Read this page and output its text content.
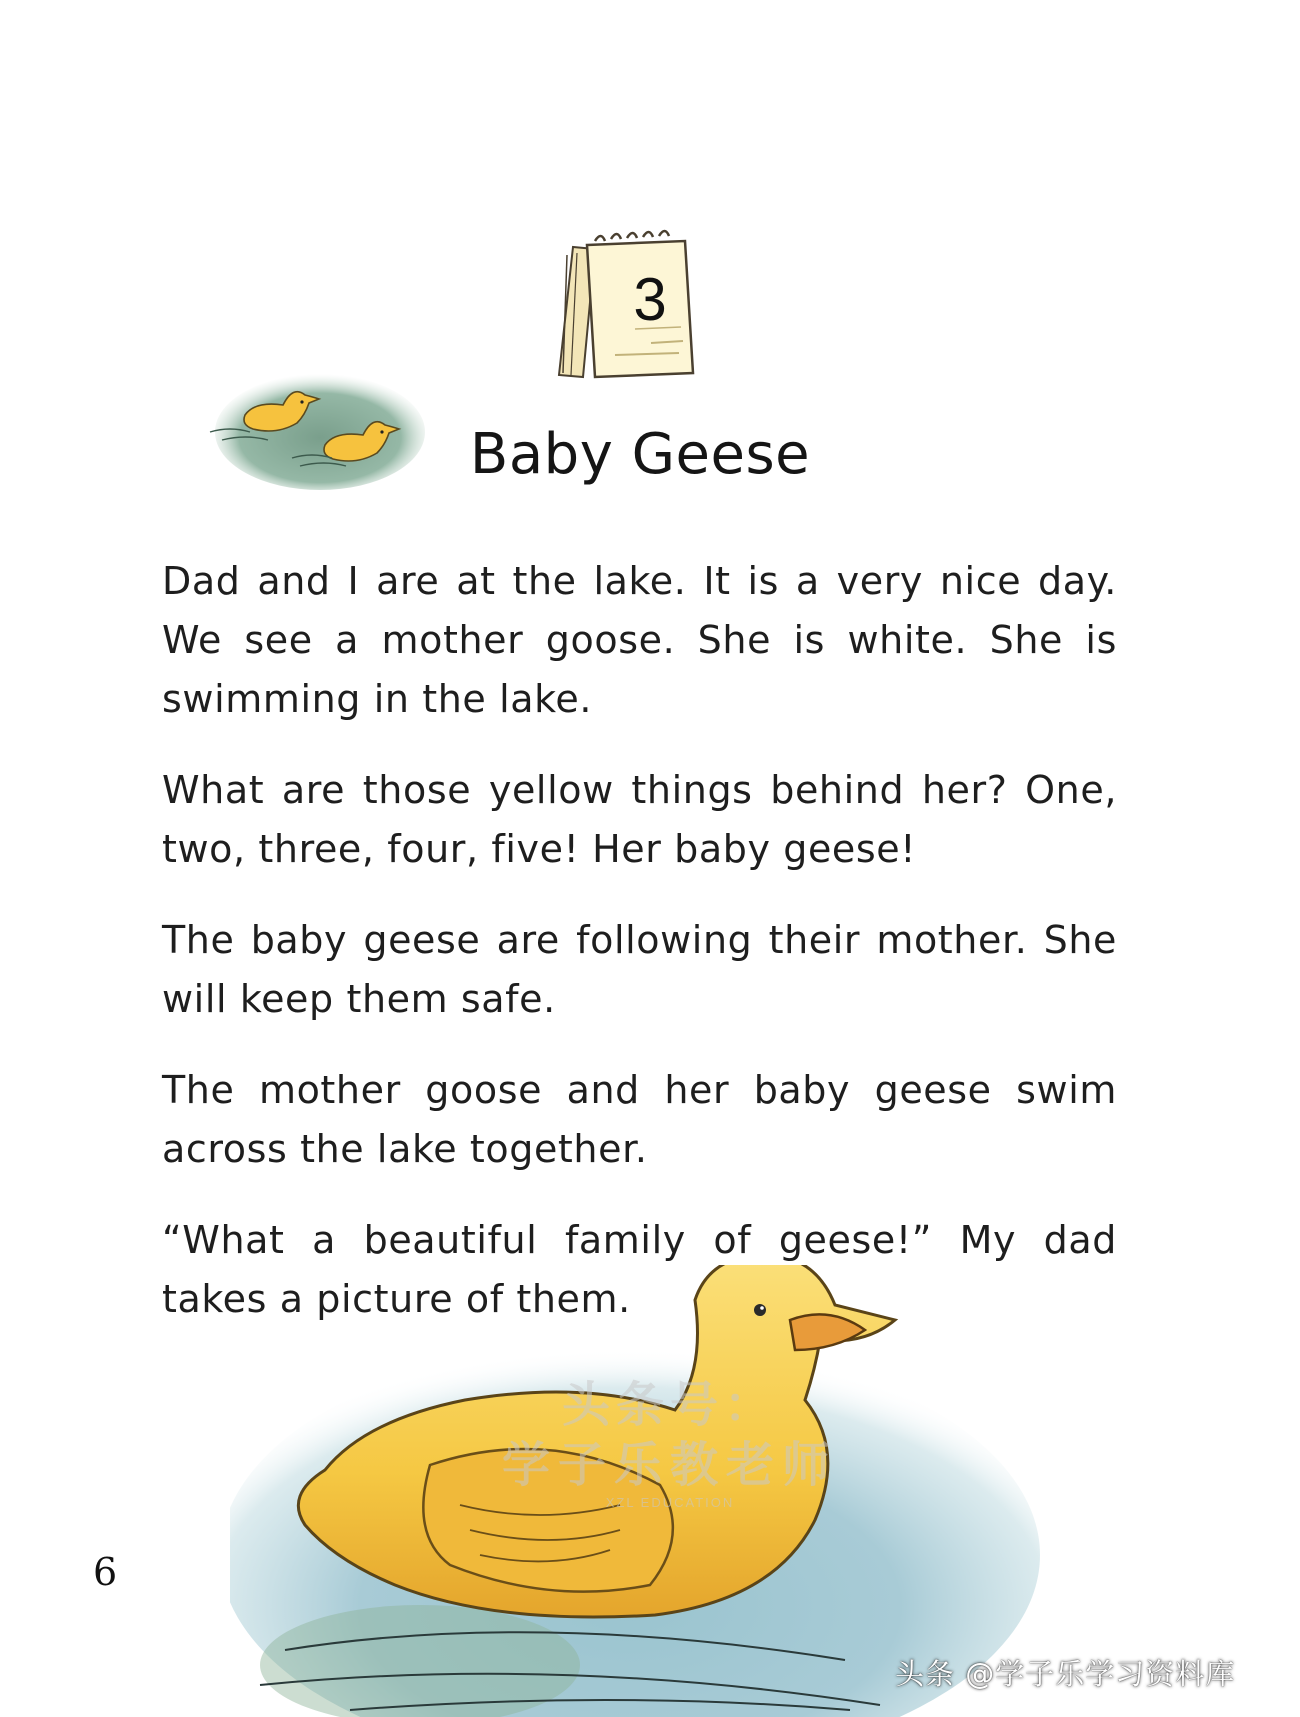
3
Baby Geese

Dad and I are at the lake. It is a very nice day. We see a mother goose. She is white. She is swimming in the lake.

What are those yellow things behind her? One, two, three, four, five! Her baby geese!

The baby geese are following their mother. She will keep them safe.

The mother goose and her baby geese swim across the lake together.

“What a beautiful family of geese!” My dad takes a picture of them.

头条号：
学子乐教老师
XZL EDUCATION
6
头条 @学子乐学习资料库
